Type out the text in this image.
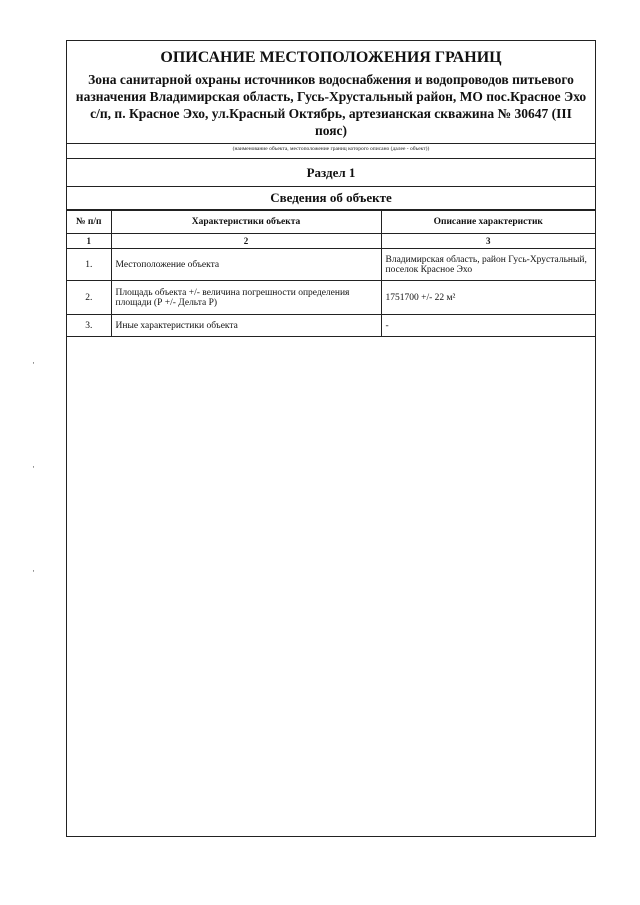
ОПИСАНИЕ МЕСТОПОЛОЖЕНИЯ ГРАНИЦ
Зона санитарной охраны источников водоснабжения и водопроводов питьевого назначения Владимирская область, Гусь-Хрустальный район, МО пос.Красное Эхо с/п, п. Красное Эхо, ул.Красный Октябрь, артезианская скважина № 30647 (III пояс)
(наименование объекта, местоположение границ которого описано (далее - объект))
Раздел 1
Сведения об объекте
№ п/п	Характеристики объекта	Описание характеристик
1	2	3
1.	Местоположение объекта	Владимирская область, район Гусь-Хрустальный, поселок Красное Эхо
2.	Площадь объекта +/- величина погрешности определения площади (Р +/- Дельта Р)	1751700 +/- 22 м²
3.	Иные характеристики объекта	-
·
·
·
